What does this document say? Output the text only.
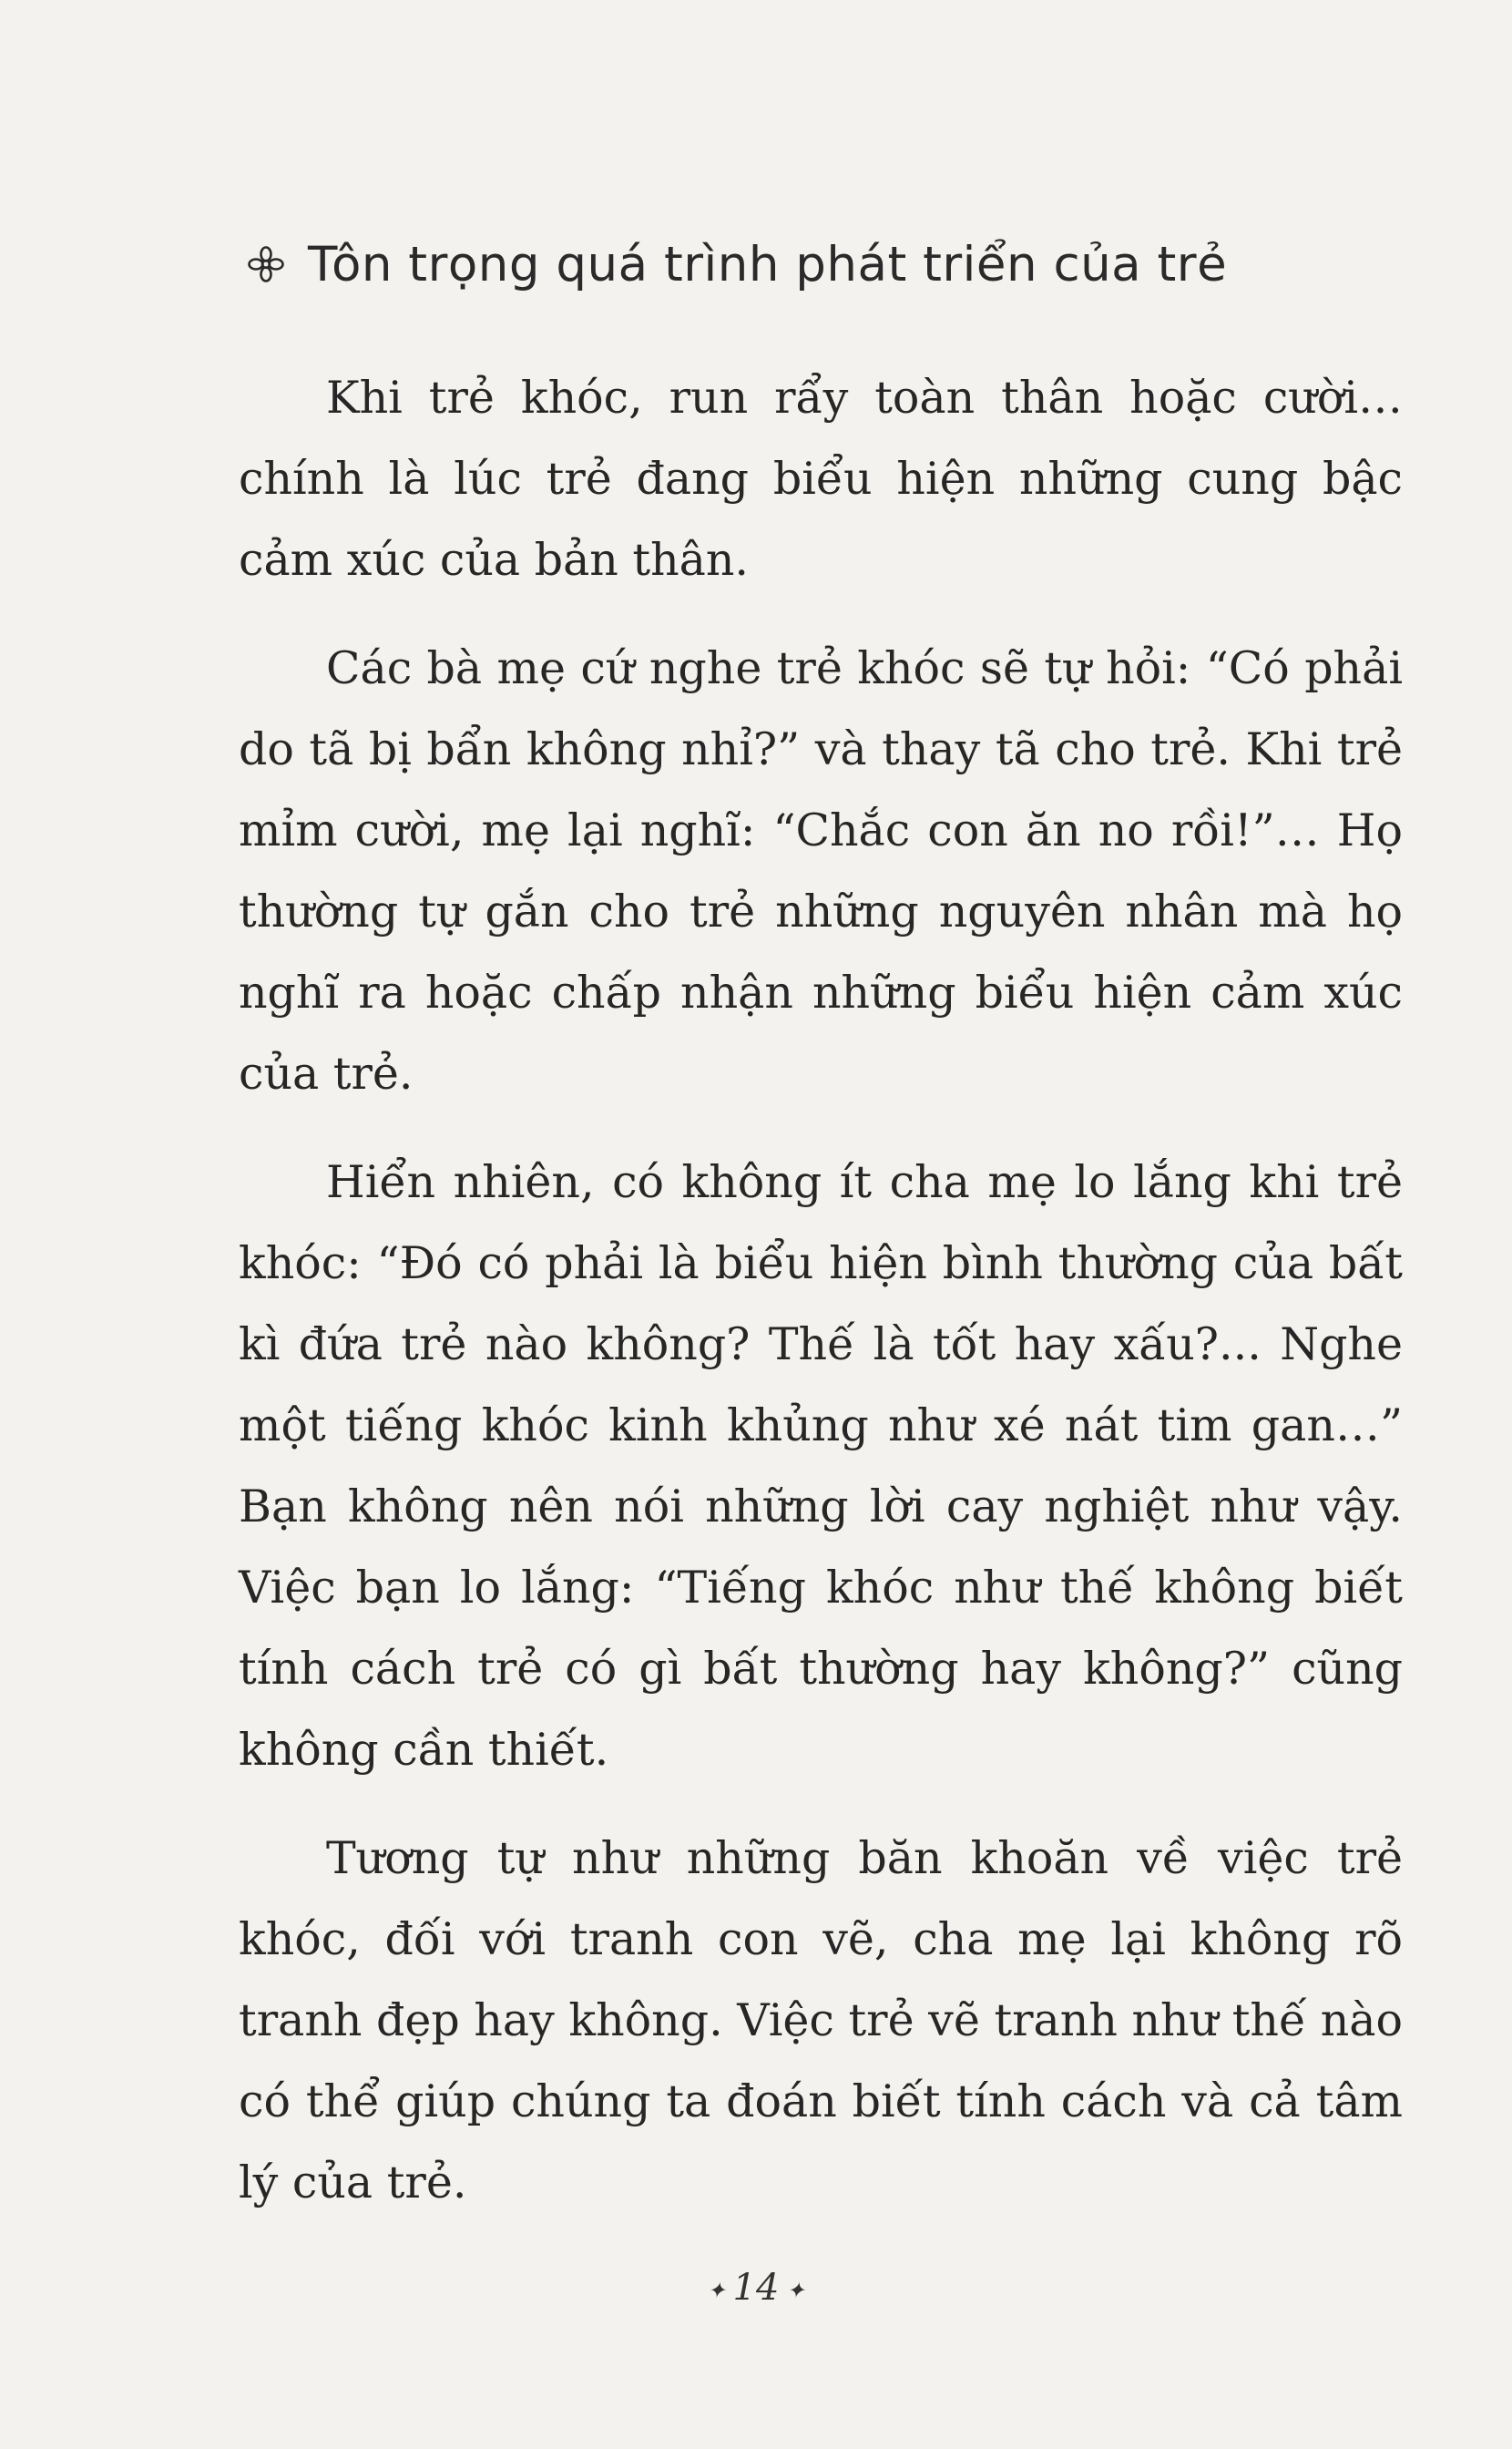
Tôn trọng quá trình phát triển của trẻ

Khi trẻ khóc, run rẩy toàn thân hoặc cười… chính là lúc trẻ đang biểu hiện những cung bậc cảm xúc của bản thân.

Các bà mẹ cứ nghe trẻ khóc sẽ tự hỏi: “Có phải do tã bị bẩn không nhỉ?” và thay tã cho trẻ. Khi trẻ mỉm cười, mẹ lại nghĩ: “Chắc con ăn no rồi!”… Họ thường tự gắn cho trẻ những nguyên nhân mà họ nghĩ ra hoặc chấp nhận những biểu hiện cảm xúc của trẻ.

Hiển nhiên, có không ít cha mẹ lo lắng khi trẻ khóc: “Đó có phải là biểu hiện bình thường của bất kì đứa trẻ nào không? Thế là tốt hay xấu?... Nghe một tiếng khóc kinh khủng như xé nát tim gan…” Bạn không nên nói những lời cay nghiệt như vậy. Việc bạn lo lắng: “Tiếng khóc như thế không biết tính cách trẻ có gì bất thường hay không?” cũng không cần thiết.

Tương tự như những băn khoăn về việc trẻ khóc, đối với tranh con vẽ, cha mẹ lại không rõ tranh đẹp hay không. Việc trẻ vẽ tranh như thế nào có thể giúp chúng ta đoán biết tính cách và cả tâm lý của trẻ.

✦ 14 ✦
